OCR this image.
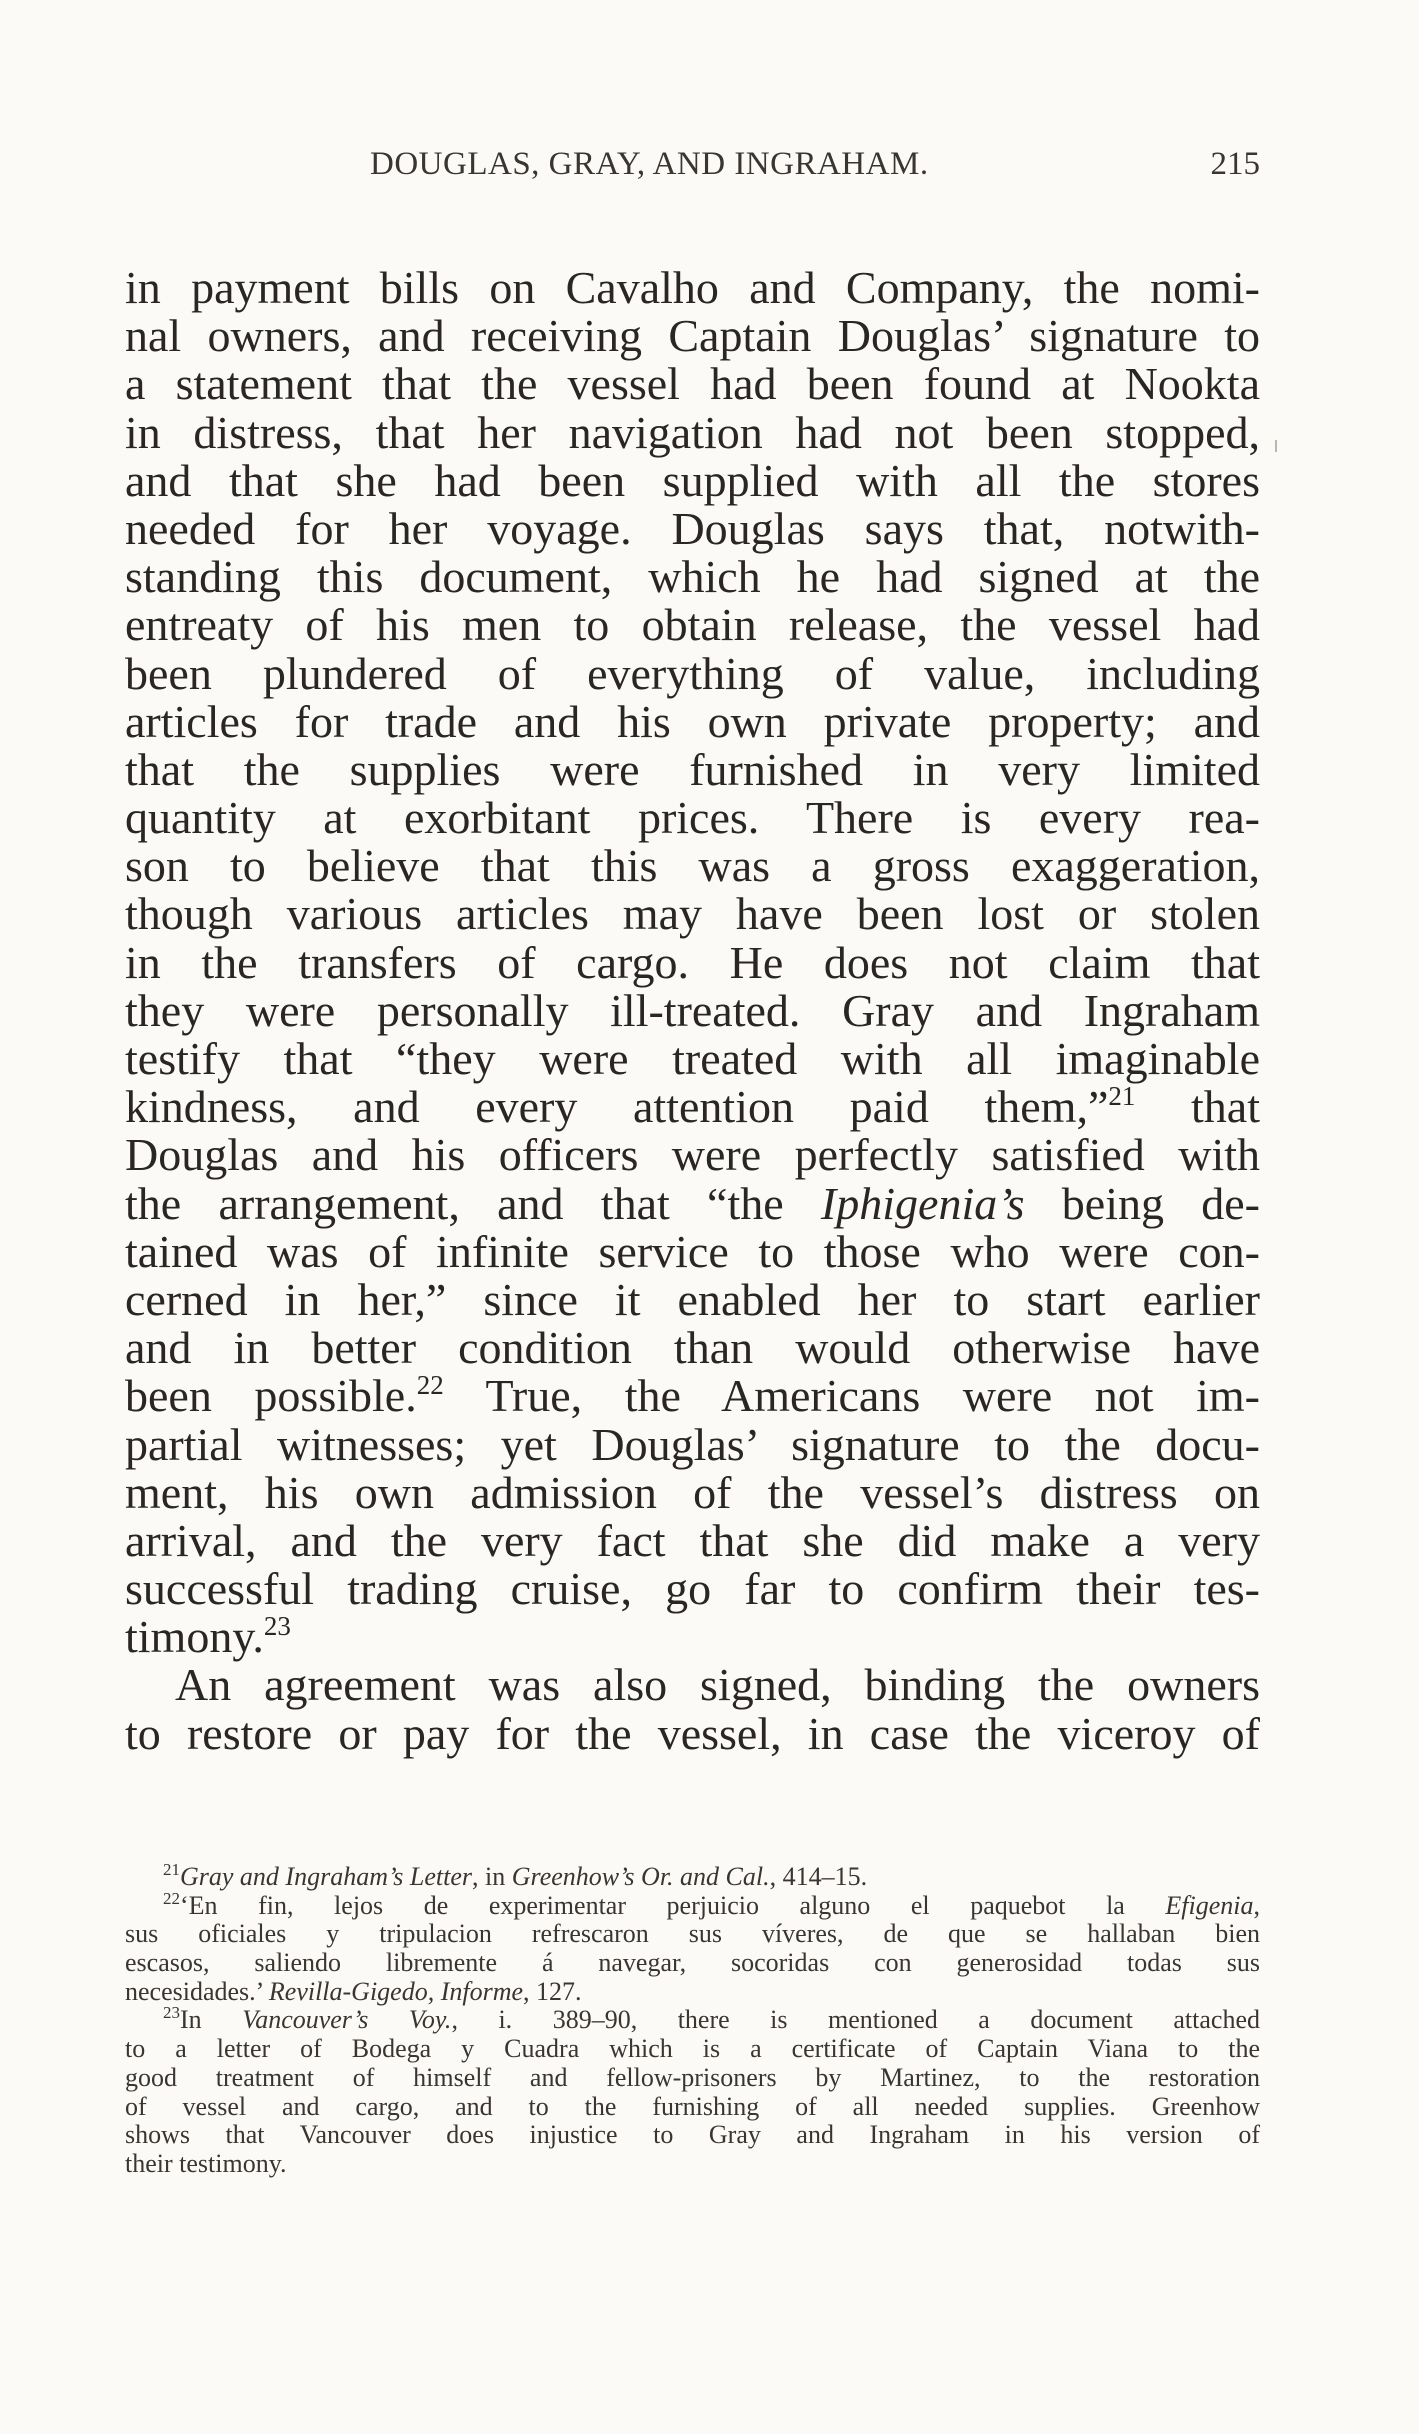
DOUGLAS, GRAY, AND INGRAHAM.	215
in payment bills on Cavalho and Company, the nomi-
nal owners, and receiving Captain Douglas’ signature to
a statement that the vessel had been found at Nookta
in distress, that her navigation had not been stopped,
and that she had been supplied with all the stores
needed for her voyage. Douglas says that, notwith-
standing this document, which he had signed at the
entreaty of his men to obtain release, the vessel had
been plundered of everything of value, including
articles for trade and his own private property; and
that the supplies were furnished in very limited
quantity at exorbitant prices. There is every rea-
son to believe that this was a gross exaggeration,
though various articles may have been lost or stolen
in the transfers of cargo. He does not claim that
they were personally ill-treated. Gray and Ingraham
testify that “they were treated with all imaginable
kindness, and every attention paid them,”$^{21}$ that
Douglas and his officers were perfectly satisfied with
the arrangement, and that “the Iphigenia’s being de-
tained was of infinite service to those who were con-
cerned in her,” since it enabled her to start earlier
and in better condition than would otherwise have
been possible.$^{22}$ True, the Americans were not im-
partial witnesses; yet Douglas’ signature to the docu-
ment, his own admission of the vessel’s distress on
arrival, and the very fact that she did make a very
successful trading cruise, go far to confirm their tes-
timony.$^{23}$
An agreement was also signed, binding the owners
to restore or pay for the vessel, in case the viceroy of
$^{21}$Gray and Ingraham’s Letter, in Greenhow’s Or. and Cal., 414–15.
$^{22}$‘En fin, lejos de experimentar perjuicio alguno el paquebot la Efigenia,
sus oficiales y tripulacion refrescaron sus víveres, de que se hallaban bien
escasos, saliendo libremente á navegar, socoridas con generosidad todas sus
necesidades.’ Revilla-Gigedo, Informe, 127.
$^{23}$In Vancouver’s Voy., i. 389–90, there is mentioned a document attached
to a letter of Bodega y Cuadra which is a certificate of Captain Viana to the
good treatment of himself and fellow-prisoners by Martinez, to the restoration
of vessel and cargo, and to the furnishing of all needed supplies. Greenhow
shows that Vancouver does injustice to Gray and Ingraham in his version of
their testimony.
